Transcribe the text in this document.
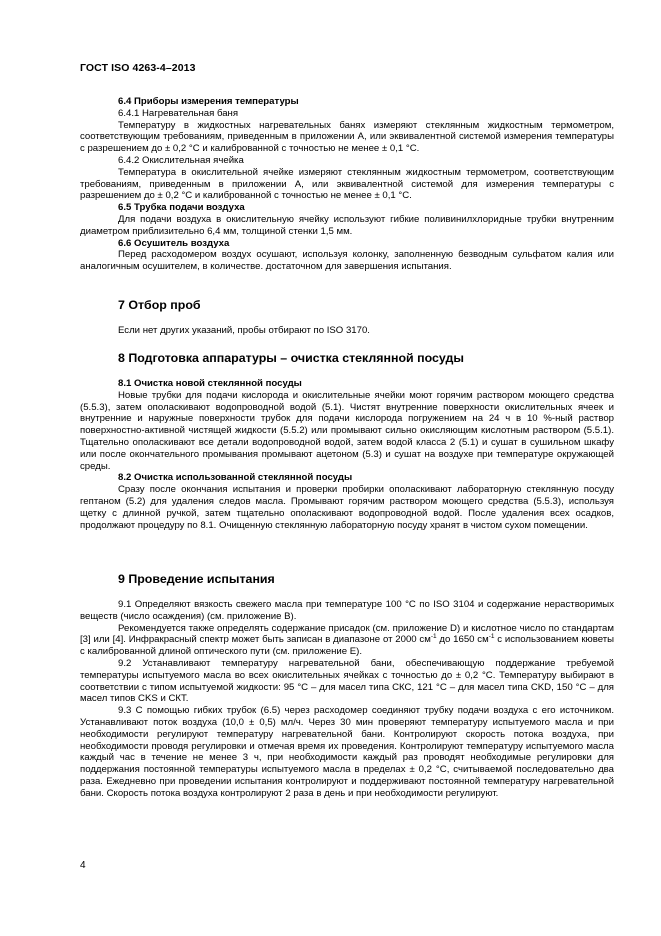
ГОСТ ISO 4263-4–2013

6.4 Приборы измерения температуры

6.4.1 Нагревательная баня

Температуру в жидкостных нагревательных банях измеряют стеклянным жидкостным термометром, соответствующим требованиям, приведенным в приложении А, или эквивалентной системой измерения температуры с разрешением до ± 0,2 °C и калиброванной с точностью не менее ± 0,1 °C.

6.4.2 Окислительная ячейка

Температура в окислительной ячейке измеряют стеклянным жидкостным термометром, соответствующим требованиям, приведенным в приложении А, или эквивалентной системой для измерения температуры с разрешением до ± 0,2 °C и калиброванной с точностью не менее ± 0,1 °C.

6.5 Трубка подачи воздуха

Для подачи воздуха в окислительную ячейку используют гибкие поливинилхлоридные трубки внутренним диаметром приблизительно 6,4 мм, толщиной стенки 1,5 мм.

6.6 Осушитель воздуха

Перед расходомером воздух осушают, используя колонку, заполненную безводным сульфатом калия или аналогичным осушителем, в количестве. достаточном для завершения испытания.

7 Отбор проб

Если нет других указаний, пробы отбирают по ISO 3170.

8 Подготовка аппаратуры – очистка стеклянной посуды

8.1 Очистка новой стеклянной посуды

Новые трубки для подачи кислорода и окислительные ячейки моют горячим раствором моющего средства (5.5.3), затем ополаскивают водопроводной водой (5.1). Чистят внутренние поверхности окислительных ячеек и внутренние и наружные поверхности трубок для подачи кислорода погружением на 24 ч в 10 %-ный раствор поверхностно-активной чистящей жидкости (5.5.2) или промывают сильно окисляющим кислотным раствором (5.5.1). Тщательно ополаскивают все детали водопроводной водой, затем водой класса 2 (5.1) и сушат в сушильном шкафу или после окончательного промывания промывают ацетоном (5.3) и сушат на воздухе при температуре окружающей среды.

8.2 Очистка использованной стеклянной посуды

Сразу после окончания испытания и проверки пробирки ополаскивают лабораторную стеклянную посуду гептаном (5.2) для удаления следов масла. Промывают горячим раствором моющего средства (5.5.3), используя щетку с длинной ручкой, затем тщательно ополаскивают водопроводной водой. После удаления всех осадков, продолжают процедуру по 8.1. Очищенную стеклянную лабораторную посуду хранят в чистом сухом помещении.

9 Проведение испытания

9.1 Определяют вязкость свежего масла при температуре 100 °C по ISO 3104 и содержание нерастворимых веществ (число осаждения) (см. приложение В).

Рекомендуется также определять содержание присадок (см. приложение D) и кислотное число по стандартам [3] или [4]. Инфракрасный спектр может быть записан в диапазоне от 2000 $см^{-1}$ до 1650 $см^{-1}$ с использованием кюветы с калиброванной длиной оптического пути (см. приложение Е).

9.2 Устанавливают температуру нагревательной бани, обеспечивающую поддержание требуемой температуры испытуемого масла во всех окислительных ячейках с точностью до ± 0,2 °C. Температуру выбирают в соответствии с типом испытуемой жидкости: 95 °C – для масел типа СКС, 121 °C – для масел типа CKD, 150 °C – для масел типов CKS и СКТ.

9.3 С помощью гибких трубок (6.5) через расходомер соединяют трубку подачи воздуха с его источником. Устанавливают поток воздуха (10,0 ± 0,5) мл/ч. Через 30 мин проверяют температуру испытуемого масла и при необходимости регулируют температуру нагревательной бани. Контролируют скорость потока воздуха, при необходимости проводя регулировки и отмечая время их проведения. Контролируют температуру испытуемого масла каждый час в течение не менее 3 ч, при необходимости каждый раз проводят необходимые регулировки для поддержания постоянной температуры испытуемого масла в пределах ± 0,2 °C, считываемой последовательно два раза. Ежедневно при проведении испытания контролируют и поддерживают постоянной температуру нагревательной бани. Скорость потока воздуха контролируют 2 раза в день и при необходимости регулируют.

4
